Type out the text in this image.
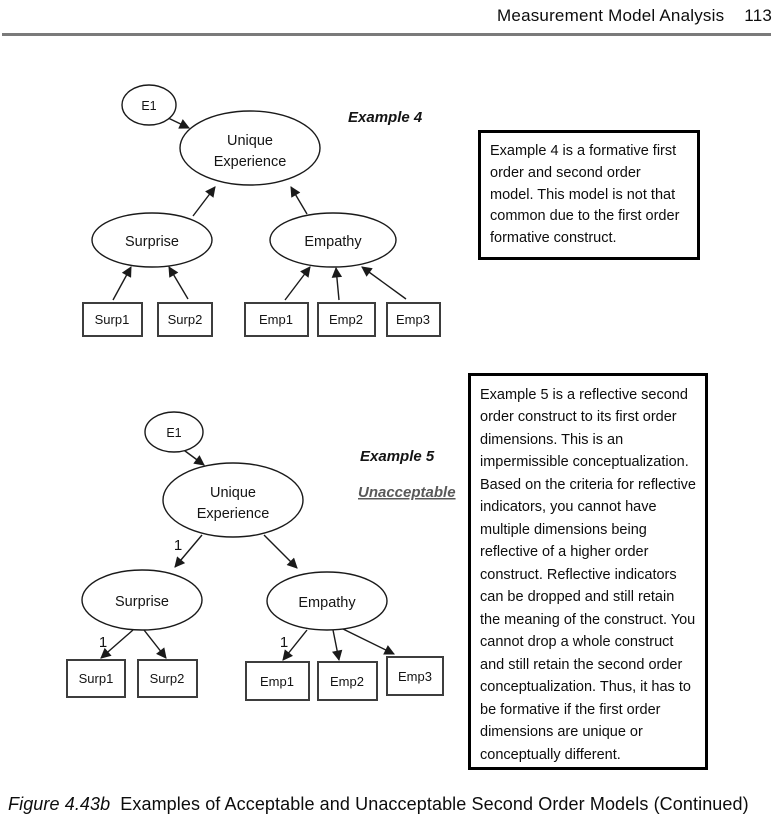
Measurement Model Analysis 113
Example 4
E1
Unique
Experience
Surprise	Empathy
Surp1	Surp2	Emp1	Emp2	Emp3
Example 5
Unacceptable
1
1	1
E1
Unique
Experience
Surprise	Empathy
Surp1	Surp2	Emp1	Emp2	Emp3
Example 4 is a formative first order and second order model. This model is not that common due to the first order formative construct.
Example 5 is a reflective second order construct to its first order dimensions. This is an impermissible conceptualization. Based on the criteria for reflective indicators, you cannot have multiple dimensions being reflective of a higher order construct. Reflective indicators can be dropped and still retain the meaning of the construct. You cannot drop a whole construct and still retain the second order conceptualization. Thus, it has to be formative if the first order dimensions are unique or conceptually different.
Figure 4.43b Examples of Acceptable and Unacceptable Second Order Models (Continued)
